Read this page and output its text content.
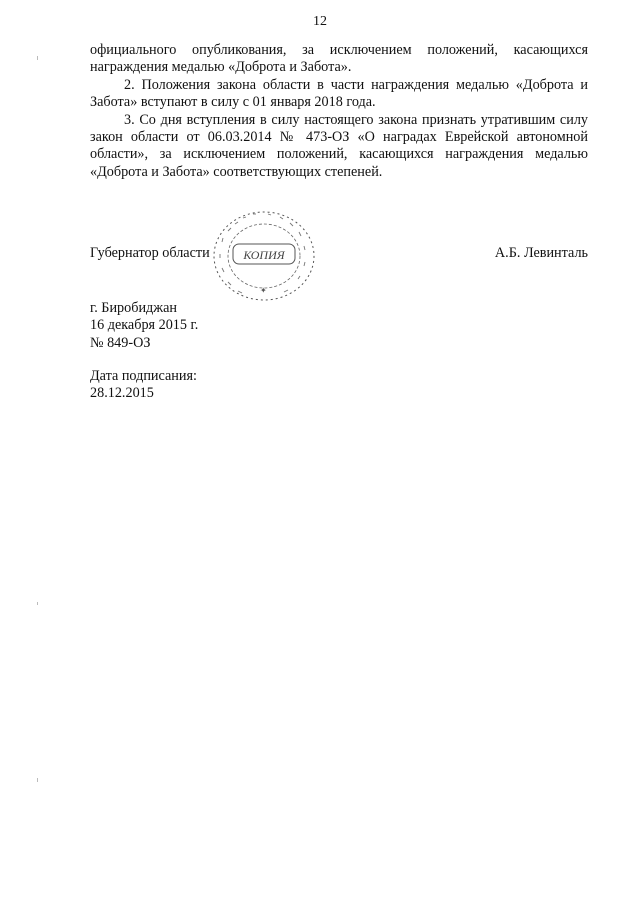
12

официального опубликования, за исключением положений, касающихся награждения медалью «Доброта и Забота».

2. Положения закона области в части награждения медалью «Доброта и Забота» вступают в силу с 01 января 2018 года.

3. Со дня вступления в силу настоящего закона признать утратившим силу закон области от 06.03.2014 № 473-ОЗ «О наградах Еврейской автономной области», за исключением положений, касающихся награждения медалью «Доброта и Забота» соответствующих степеней.

Губернатор области	А.Б. Левинталь
✦
КОПИЯ
г. Биробиджан
16 декабря 2015 г.
№ 849-ОЗ
Дата подписания:
28.12.2015
